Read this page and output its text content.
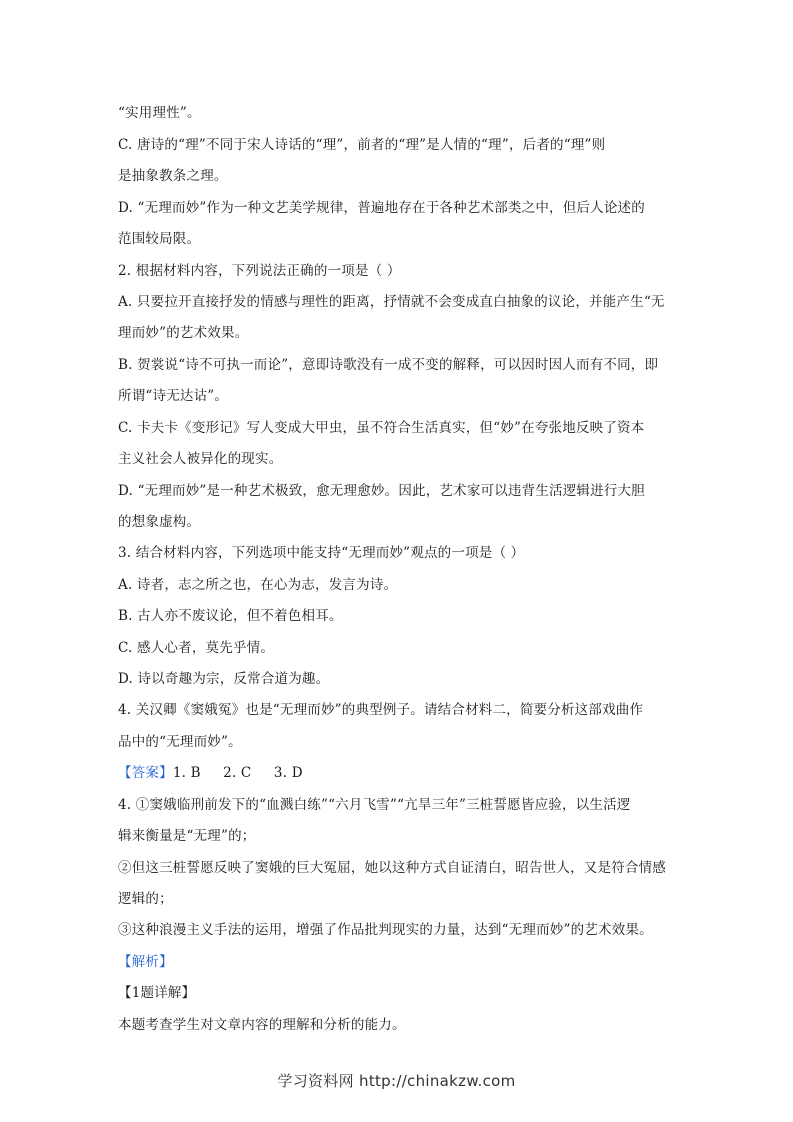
“实用理性”。
C. 唐诗的“理”不同于宋人诗话的“理”，前者的“理”是人情的“理”，后者的“理”则
是抽象教条之理。
D. “无理而妙”作为一种文艺美学规律，普遍地存在于各种艺术部类之中，但后人论述的
范围较局限。
2. 根据材料内容，下列说法正确的一项是（ ）
A. 只要拉开直接抒发的情感与理性的距离，抒情就不会变成直白抽象的议论，并能产生“无
理而妙”的艺术效果。
B. 贺裳说“诗不可执一而论”，意即诗歌没有一成不变的解释，可以因时因人而有不同，即
所谓“诗无达诂”。
C. 卡夫卡《变形记》写人变成大甲虫，虽不符合生活真实，但“妙”在夸张地反映了资本
主义社会人被异化的现实。
D. “无理而妙”是一种艺术极致，愈无理愈妙。因此，艺术家可以违背生活逻辑进行大胆
的想象虚构。
3. 结合材料内容，下列选项中能支持“无理而妙”观点的一项是（ ）
A. 诗者，志之所之也，在心为志，发言为诗。
B. 古人亦不废议论，但不着色相耳。
C. 感人心者，莫先乎情。
D. 诗以奇趣为宗，反常合道为趣。
4. 关汉卿《窦娥冤》也是“无理而妙”的典型例子。请结合材料二，简要分析这部戏曲作
品中的“无理而妙”。
【答案】1. B     2. C     3. D
4. ①窦娥临刑前发下的“血溅白练”“六月飞雪”“亢旱三年”三桩誓愿皆应验，以生活逻
辑来衡量是“无理”的；
②但这三桩誓愿反映了窦娥的巨大冤屈，她以这种方式自证清白，昭告世人，又是符合情感
逻辑的；
③这种浪漫主义手法的运用，增强了作品批判现实的力量，达到“无理而妙”的艺术效果。
【解析】
【1题详解】
本题考查学生对文章内容的理解和分析的能力。
学习资料网 http://chinakzw.com
